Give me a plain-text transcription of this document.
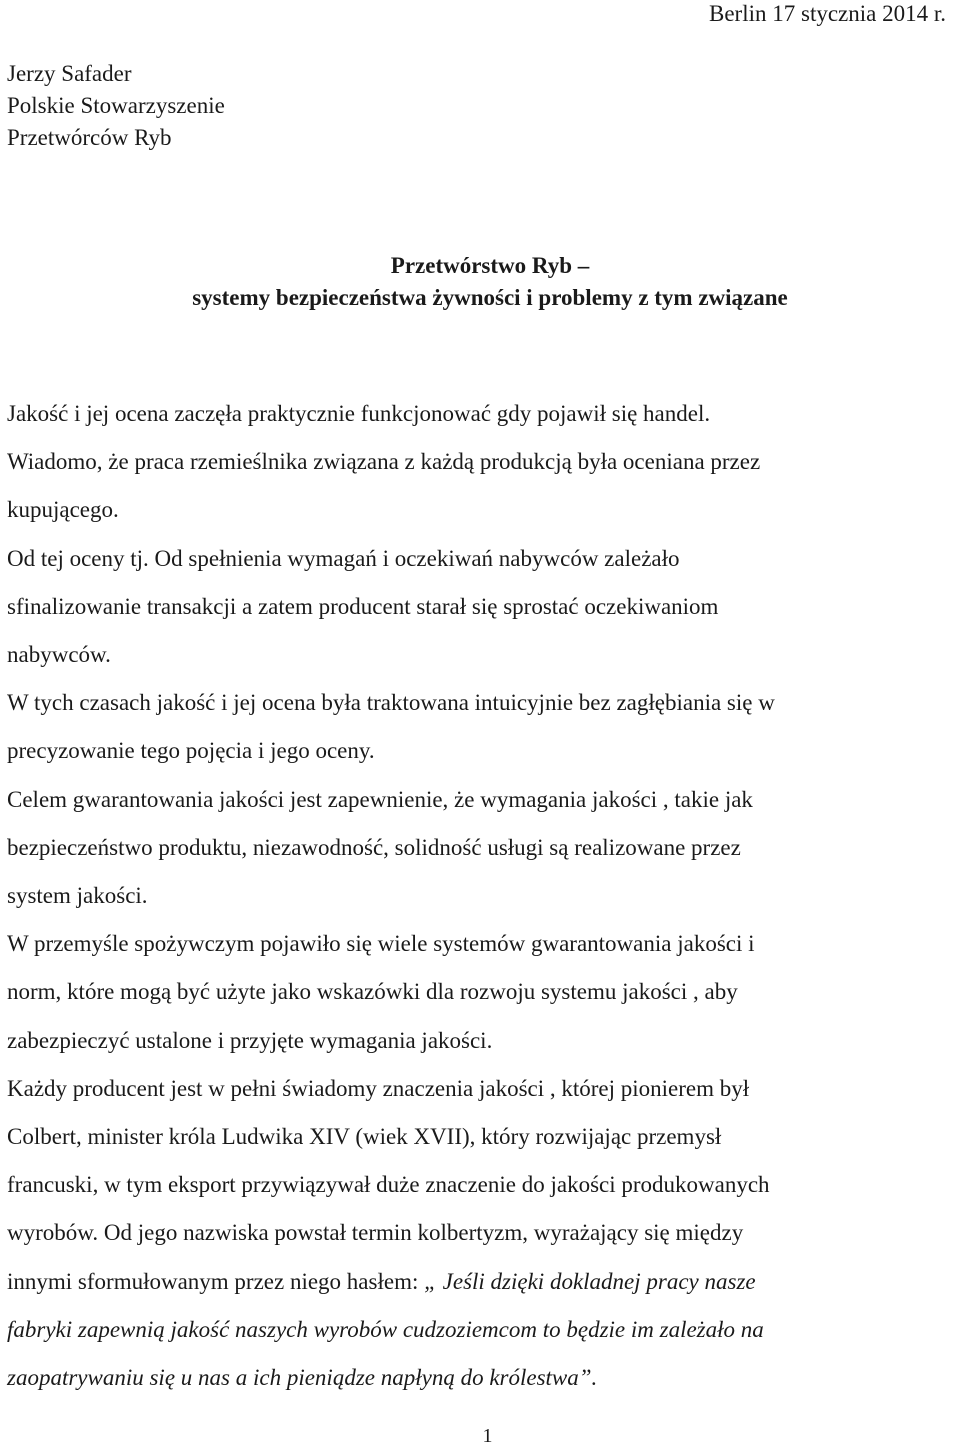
Berlin 17 stycznia 2014 r.
Jerzy Safader
Polskie Stowarzyszenie
Przetwórców Ryb
Przetwórstwo Ryb –
systemy bezpieczeństwa żywności i problemy z tym związane

Jakość i jej ocena zaczęła praktycznie funkcjonować gdy pojawił się handel.

Wiadomo, że praca rzemieślnika związana z każdą produkcją była oceniana przez

kupującego.

Od tej oceny tj. Od spełnienia wymagań i oczekiwań nabywców zależało

sfinalizowanie transakcji a zatem producent starał się sprostać oczekiwaniom

nabywców.

W tych czasach jakość i jej ocena była traktowana intuicyjnie bez zagłębiania się w

precyzowanie tego pojęcia i jego oceny.

Celem gwarantowania jakości jest zapewnienie, że wymagania jakości , takie jak

bezpieczeństwo produktu, niezawodność, solidność usługi są realizowane przez

system jakości.

W przemyśle spożywczym pojawiło się wiele systemów gwarantowania jakości i

norm, które mogą być użyte jako wskazówki dla rozwoju systemu jakości , aby

zabezpieczyć ustalone i przyjęte wymagania jakości.

Każdy producent jest w pełni świadomy znaczenia jakości , której pionierem był

Colbert, minister króla Ludwika XIV (wiek XVII), który rozwijając przemysł

francuski, w tym eksport przywiązywał duże znaczenie do jakości produkowanych

wyrobów. Od jego nazwiska powstał termin kolbertyzm, wyrażający się między

innymi sformułowanym przez niego hasłem: „ Jeśli dzięki dokladnej pracy nasze

fabryki zapewnią jakość naszych wyrobów cudzoziemcom to będzie im zależało na

zaopatrywaniu się u nas a ich pieniądze napłyną do królestwa”.

1
